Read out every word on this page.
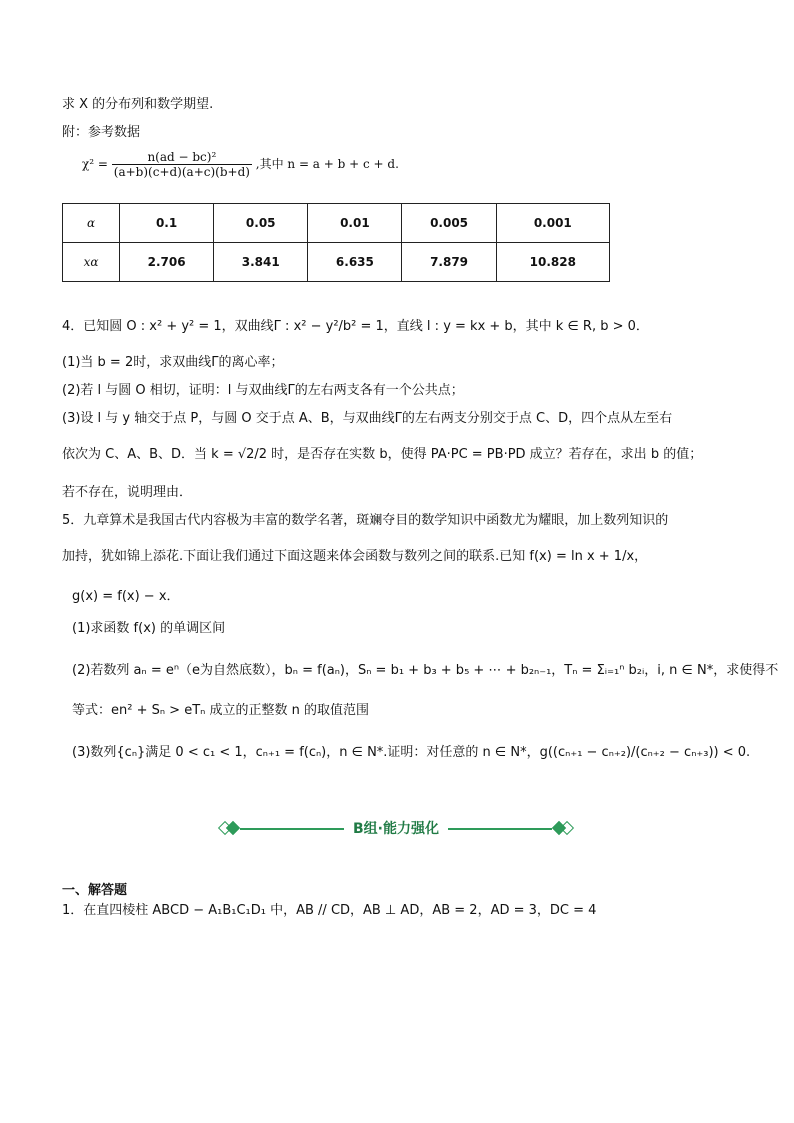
求 X 的分布列和数学期望.
附：参考数据
$\chi^2 = \frac{\text{n(ad − bc)²}}{(a+b)(c+d)(a+c)(b+d)}$ ,其中 n = a + b + c + d.
α	0.1	0.05	0.01	0.005	0.001
xα	2.706	3.841	6.635	7.879	10.828
4．已知圆 O : x² + y² = 1，双曲线Γ : x² − y²/b² = 1，直线 l : y = kx + b，其中 k ∈ R, b > 0．
(1)当 b = 2时，求双曲线Γ的离心率；
(2)若 l 与圆 O 相切，证明：l 与双曲线Γ的左右两支各有一个公共点；
(3)设 l 与 y 轴交于点 P，与圆 O 交于点 A、B，与双曲线Γ的左右两支分别交于点 C、D，四个点从左至右
依次为 C、A、B、D．当 k = √2/2 时，是否存在实数 b，使得 PA·PC = PB·PD 成立？若存在，求出 b 的值；
若不存在，说明理由．
5．九章算术是我国古代内容极为丰富的数学名著，斑斓夺目的数学知识中函数尤为耀眼，加上数列知识的
加持，犹如锦上添花.下面让我们通过下面这题来体会函数与数列之间的联系.已知 f(x) = ln x + 1/x，
g(x) = f(x) − x．
(1)求函数 f(x) 的单调区间
(2)若数列 aₙ = eⁿ（e为自然底数），bₙ = f(aₙ)，Sₙ = b₁ + b₃ + b₅ + ⋯ + b₂ₙ₋₁，Tₙ = Σᵢ₌₁ⁿ b₂ᵢ，i, n ∈ N*，求使得不
等式：en² + Sₙ > eTₙ 成立的正整数 n 的取值范围
(3)数列{cₙ}满足 0 < c₁ < 1，cₙ₊₁ = f(cₙ)，n ∈ N*.证明：对任意的 n ∈ N*，g((cₙ₊₁ − cₙ₊₂)/(cₙ₊₂ − cₙ₊₃)) < 0.
B组·能力强化
一、解答题
1．在直四棱柱 ABCD − A₁B₁C₁D₁ 中，AB // CD，AB ⊥ AD，AB = 2，AD = 3，DC = 4
